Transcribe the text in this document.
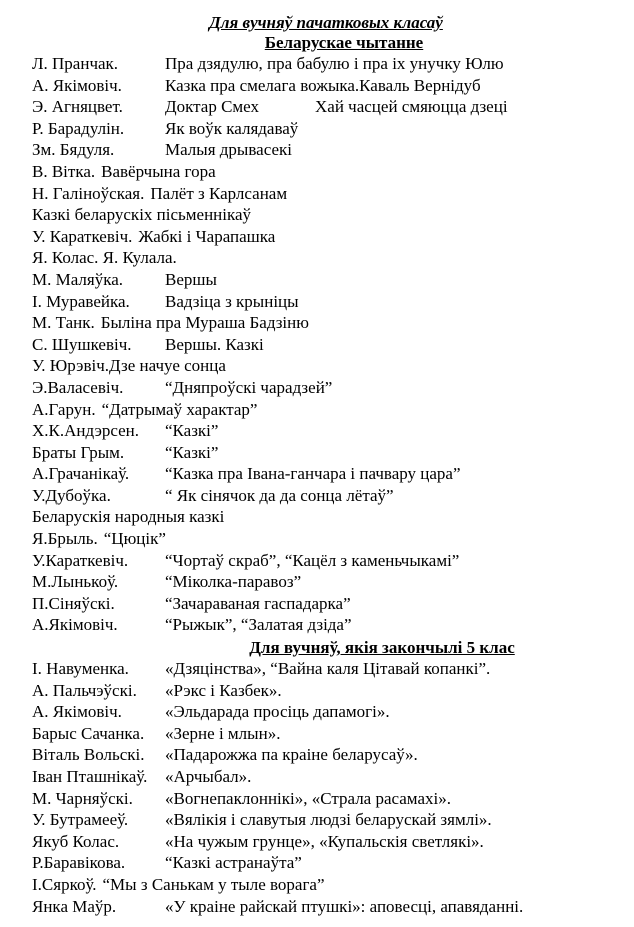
Для вучняў пачатковых класаў
Беларускае чытанне
Л. Пранчак.	Пра дзядулю, пра бабулю і пра іх унучку Юлю
А. Якімовіч.	Казка пра смелага вожыка.Каваль Вернідуб
Э. Агняцвет. Доктар Смех	Хай часцей смяюцца дзеці
Р. Барадулін. Як воўк калядаваў
Зм. Бядуля.	Малыя дрывасекі
В. Вітка. Вавёрчына гора
Н. Галіноўская. Палёт з Карлсанам
Казкі беларускіх пісьменнікаў
У. Караткевіч. Жабкі і Чарапашка
Я. Колас. Я. Кулала.
М. Маляўка. Вершы
І. Муравейка. Вадзіца з крыніцы
М. Танк. Быліна пра Мураша Бадзіню
С. Шушкевіч. Вершы. Казкі
У. Юрэвіч.Дзе начуе сонца
Э.Валасевіч. “Дняпроўскі чарадзей”
А.Гарун. “Датрымаў характар”
Х.К.Андэрсен. “Казкі”
Браты Грым. “Казкі”
А.Грачанікаў. “Казка пра Івана-ганчара і пачвару цара”
У.Дубоўка.	“ Як сінячок да да сонца лётаў”
Беларускія народныя казкі
Я.Брыль. “Цюцік”
У.Караткевіч. “Чортаў скраб”, “Кацёл з каменьчыкамі”
М.Лынькоў.	“Міколка-паравоз”
П.Сіняўскі.	“Зачараваная гаспадарка”
А.Якімовіч.	“Рыжык”, “Залатая дзіда”
Для вучняў, якія закончылі 5 клас
І. Навуменка. «Дзяцінства», “Вайна каля Цітавай копанкі”.
А. Пальчэўскі. «Рэкс і Казбек».
А. Якімовіч.	«Эльдарада просіць дапамогі».
Барыс Сачанка. «Зерне і млын».
Віталь Вольскі. «Падарожжа па краіне беларусаў».
Іван Пташнікаў. «Арчыбал».
М. Чарняўскі. «Вогнепаклоннікі», «Страла расамахі».
У. Бутрамееў. «Вялікія і славутыя людзі беларускай зямлі».
Якуб Колас.	«На чужым грунце», «Купальскія светлякі».
Р.Баравікова. “Казкі астранаўта”
І.Сяркоў. “Мы з Санькам у тыле ворага”
Янка Маўр.	«У краіне райскай птушкі»: аповесці, апавяданні.
